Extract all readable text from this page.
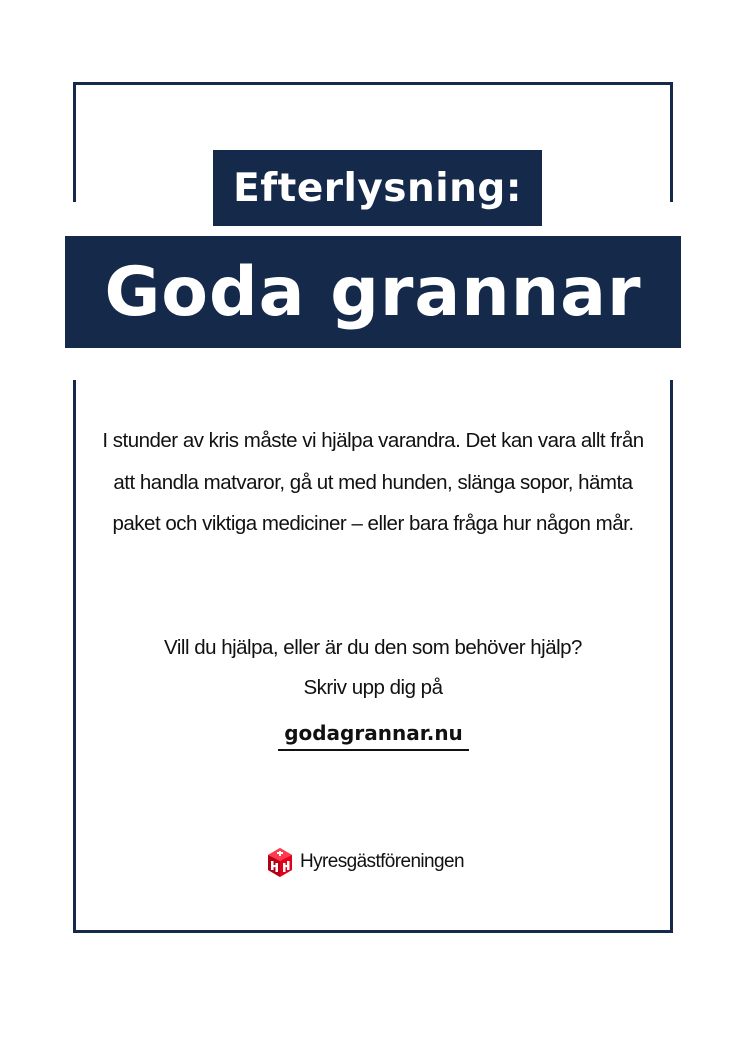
Efterlysning:
Goda grannar
I stunder av kris måste vi hjälpa varandra. Det kan vara allt från att handla matvaror, gå ut med hunden, slänga sopor, hämta paket och viktiga mediciner – eller bara fråga hur någon mår.
Vill du hjälpa, eller är du den som behöver hjälp?
Skriv upp dig på
godagrannar.nu
Hyresgästföreningen
